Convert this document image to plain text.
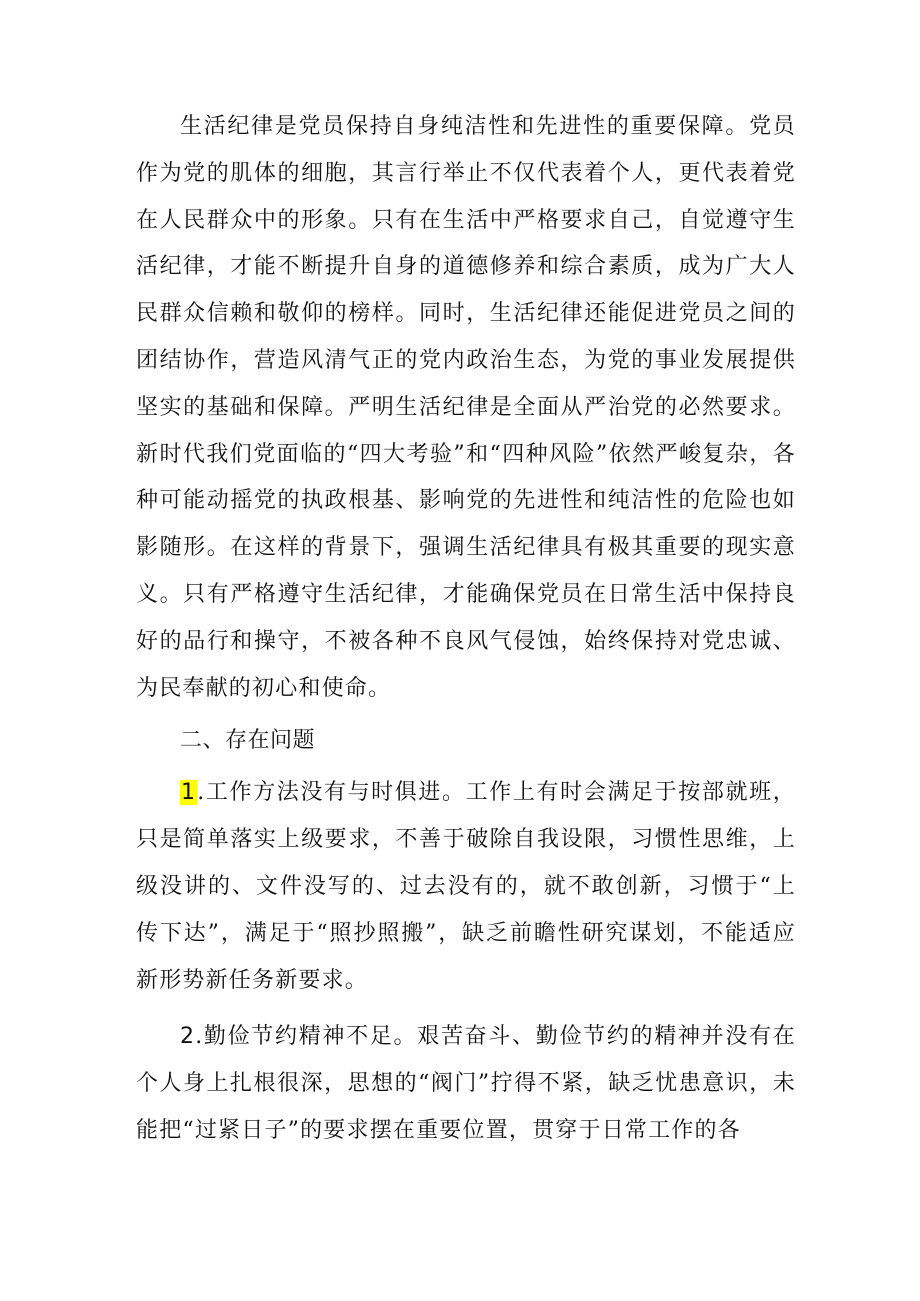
生活纪律是党员保持自身纯洁性和先进性的重要保障。党员作为党的肌体的细胞，其言行举止不仅代表着个人，更代表着党在人民群众中的形象。只有在生活中严格要求自己，自觉遵守生活纪律，才能不断提升自身的道德修养和综合素质，成为广大人民群众信赖和敬仰的榜样。同时，生活纪律还能促进党员之间的团结协作，营造风清气正的党内政治生态，为党的事业发展提供坚实的基础和保障。严明生活纪律是全面从严治党的必然要求。新时代我们党面临的“四大考验”和“四种风险”依然严峻复杂，各种可能动摇党的执政根基、影响党的先进性和纯洁性的危险也如影随形。在这样的背景下，强调生活纪律具有极其重要的现实意义。只有严格遵守生活纪律，才能确保党员在日常生活中保持良好的品行和操守，不被各种不良风气侵蚀，始终保持对党忠诚、为民奉献的初心和使命。

二、存在问题

1.工作方法没有与时俱进。工作上有时会满足于按部就班，只是简单落实上级要求，不善于破除自我设限，习惯性思维，上级没讲的、文件没写的、过去没有的，就不敢创新，习惯于“上传下达”，满足于“照抄照搬”，缺乏前瞻性研究谋划，不能适应新形势新任务新要求。

2.勤俭节约精神不足。艰苦奋斗、勤俭节约的精神并没有在个人身上扎根很深，思想的“阀门”拧得不紧，缺乏忧患意识，未能把“过紧日子”的要求摆在重要位置，贯穿于日常工作的各
